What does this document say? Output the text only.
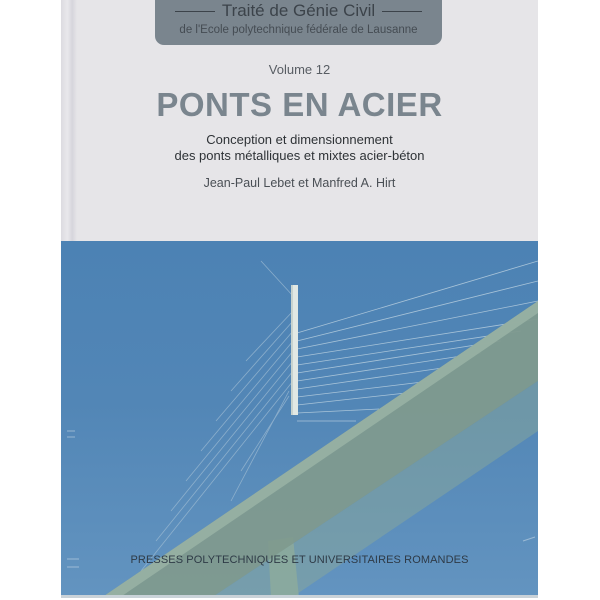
Traité de Génie Civil
de l'Ecole polytechnique fédérale de Lausanne
Volume 12
PONTS EN ACIER
Conception et dimensionnement
des ponts métalliques et mixtes acier-béton
Jean-Paul Lebet et Manfred A. Hirt
PRESSES POLYTECHNIQUES ET UNIVERSITAIRES ROMANDES
